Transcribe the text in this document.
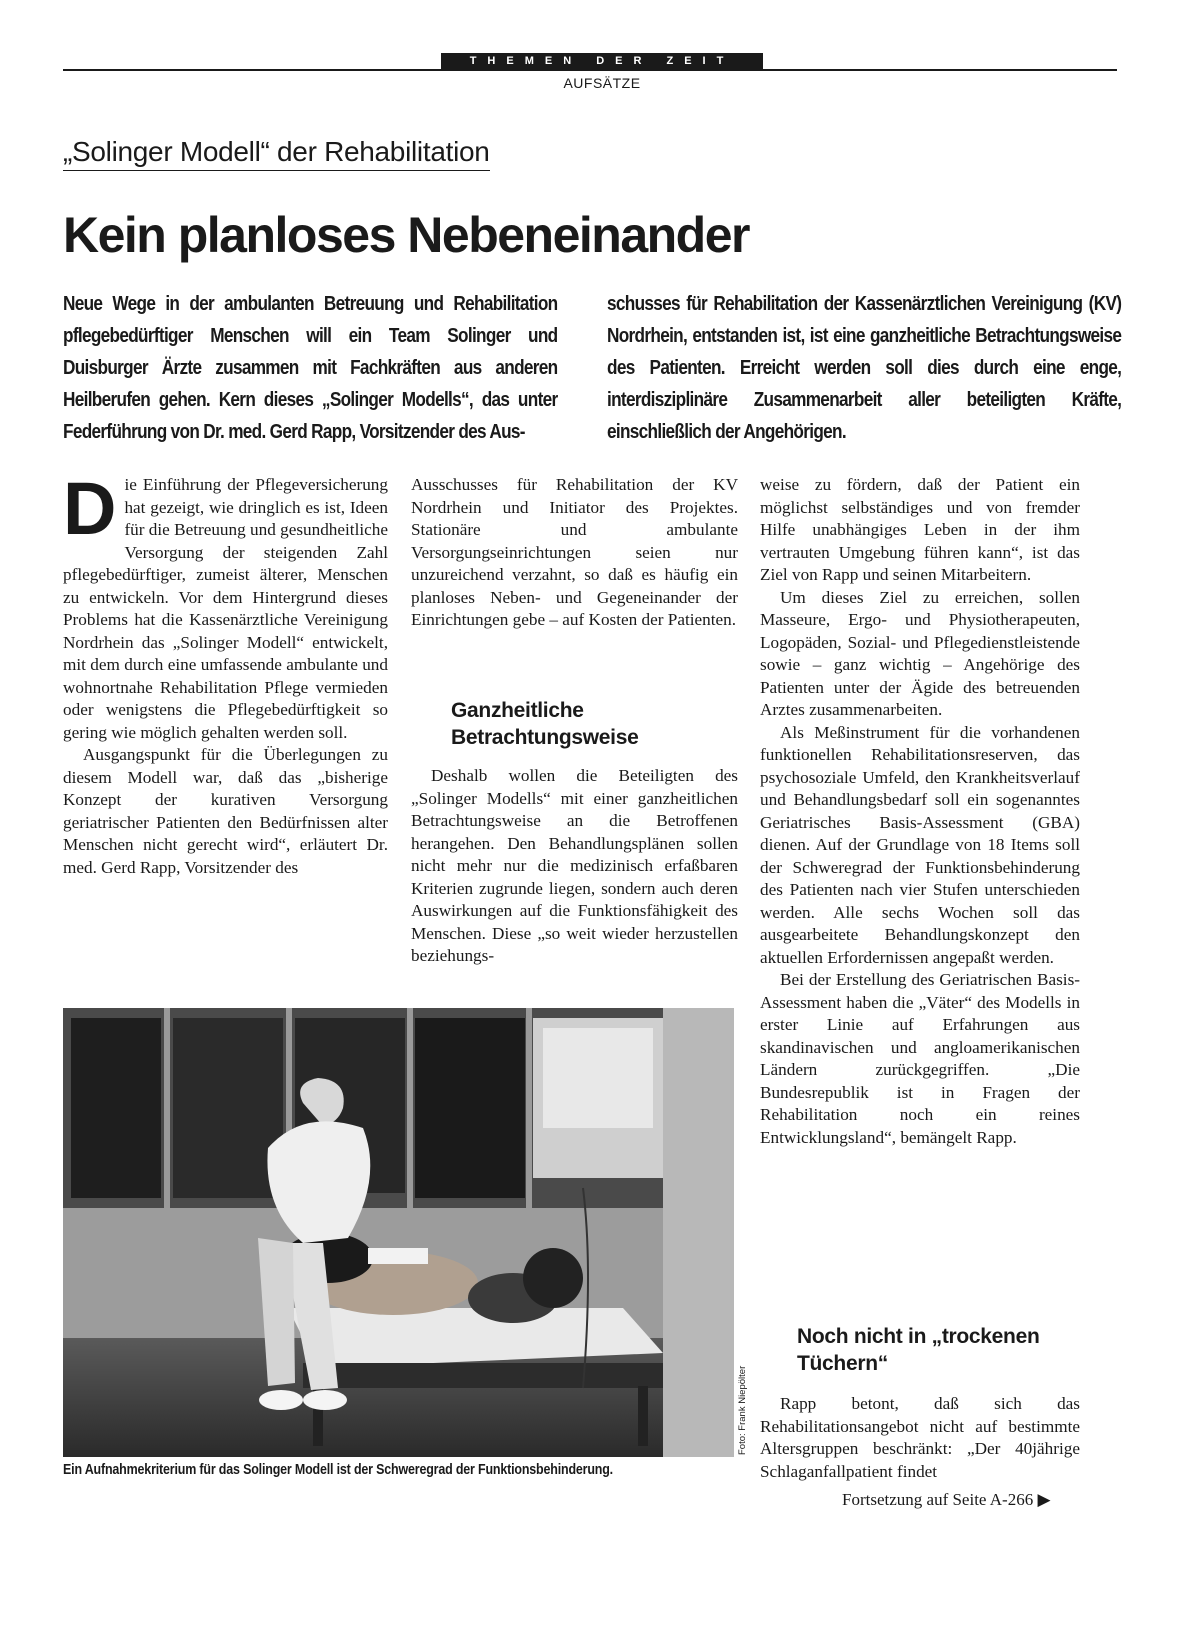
THEMEN DER ZEIT
AUFSÄTZE
„Solinger Modell“ der Rehabilitation
Kein planloses Nebeneinander
Neue Wege in der ambulanten Betreuung und Rehabilitation pflegebedürftiger Menschen will ein Team Solinger und Duisburger Ärzte zusammen mit Fachkräften aus anderen Heilberufen gehen. Kern dieses „Solinger Modells“, das unter Federführung von Dr. med. Gerd Rapp, Vorsitzender des Aus-
schusses für Rehabilitation der Kassenärztlichen Vereinigung (KV) Nordrhein, entstanden ist, ist eine ganzheitliche Betrachtungsweise des Patienten. Erreicht werden soll dies durch eine enge, interdisziplinäre Zusammenarbeit aller beteiligten Kräfte, einschließlich der Angehörigen.
D ie Einführung der Pflegeversicherung hat gezeigt, wie dringlich es ist, Ideen für die Betreuung und gesundheitliche Versorgung der steigenden Zahl pflegebedürftiger, zumeist älterer, Menschen zu entwickeln. Vor dem Hintergrund dieses Problems hat die Kassenärztliche Vereinigung Nordrhein das „Solinger Modell“ entwickelt, mit dem durch eine umfassende ambulante und wohnortnahe Rehabilitation Pflege vermieden oder wenigstens die Pflegebedürftigkeit so gering wie möglich gehalten werden soll.

Ausgangspunkt für die Überlegungen zu diesem Modell war, daß das „bisherige Konzept der kurativen Versorgung geriatrischer Patienten den Bedürfnissen alter Menschen nicht gerecht wird“, erläutert Dr. med. Gerd Rapp, Vorsitzender des

Ausschusses für Rehabilitation der KV Nordrhein und Initiator des Projektes. Stationäre und ambulante Versorgungseinrichtungen seien nur unzureichend verzahnt, so daß es häufig ein planloses Neben- und Gegeneinander der Einrichtungen gebe – auf Kosten der Patienten.

Ganzheitliche Betrachtungsweise

Deshalb wollen die Beteiligten des „Solinger Modells“ mit einer ganzheitlichen Betrachtungsweise an die Betroffenen herangehen. Den Behandlungsplänen sollen nicht mehr nur die medizinisch erfaßbaren Kriterien zugrunde liegen, sondern auch deren Auswirkungen auf die Funktionsfähigkeit des Menschen. Diese „so weit wieder herzustellen beziehungs-

weise zu fördern, daß der Patient ein möglichst selbständiges und von fremder Hilfe unabhängiges Leben in der ihm vertrauten Umgebung führen kann“, ist das Ziel von Rapp und seinen Mitarbeitern.

Um dieses Ziel zu erreichen, sollen Masseure, Ergo- und Physiotherapeuten, Logopäden, Sozial- und Pflegedienstleistende sowie – ganz wichtig – Angehörige des Patienten unter der Ägide des betreuenden Arztes zusammenarbeiten.

Als Meßinstrument für die vorhandenen funktionellen Rehabilitationsreserven, das psychosoziale Umfeld, den Krankheitsverlauf und Behandlungsbedarf soll ein sogenanntes Geriatrisches Basis-Assessment (GBA) dienen. Auf der Grundlage von 18 Items soll der Schweregrad der Funktionsbehinderung des Patienten nach vier Stufen unterschieden werden. Alle sechs Wochen soll das ausgearbeitete Behandlungskonzept den aktuellen Erfordernissen angepaßt werden.

Bei der Erstellung des Geriatrischen Basis-Assessment haben die „Väter“ des Modells in erster Linie auf Erfahrungen aus skandinavischen und angloamerikanischen Ländern zurückgegriffen. „Die Bundesrepublik ist in Fragen der Rehabilitation noch ein reines Entwicklungsland“, bemängelt Rapp.

Noch nicht in „trockenen Tüchern“

Rapp betont, daß sich das Rehabilitationsangebot nicht auf bestimmte Altersgruppen beschränkt: „Der 40jährige Schlaganfallpatient findet

Foto: Frank Niepölter
Ein Aufnahmekriterium für das Solinger Modell ist der Schweregrad der Funktionsbehinderung.
Fortsetzung auf Seite A-266 ▶
